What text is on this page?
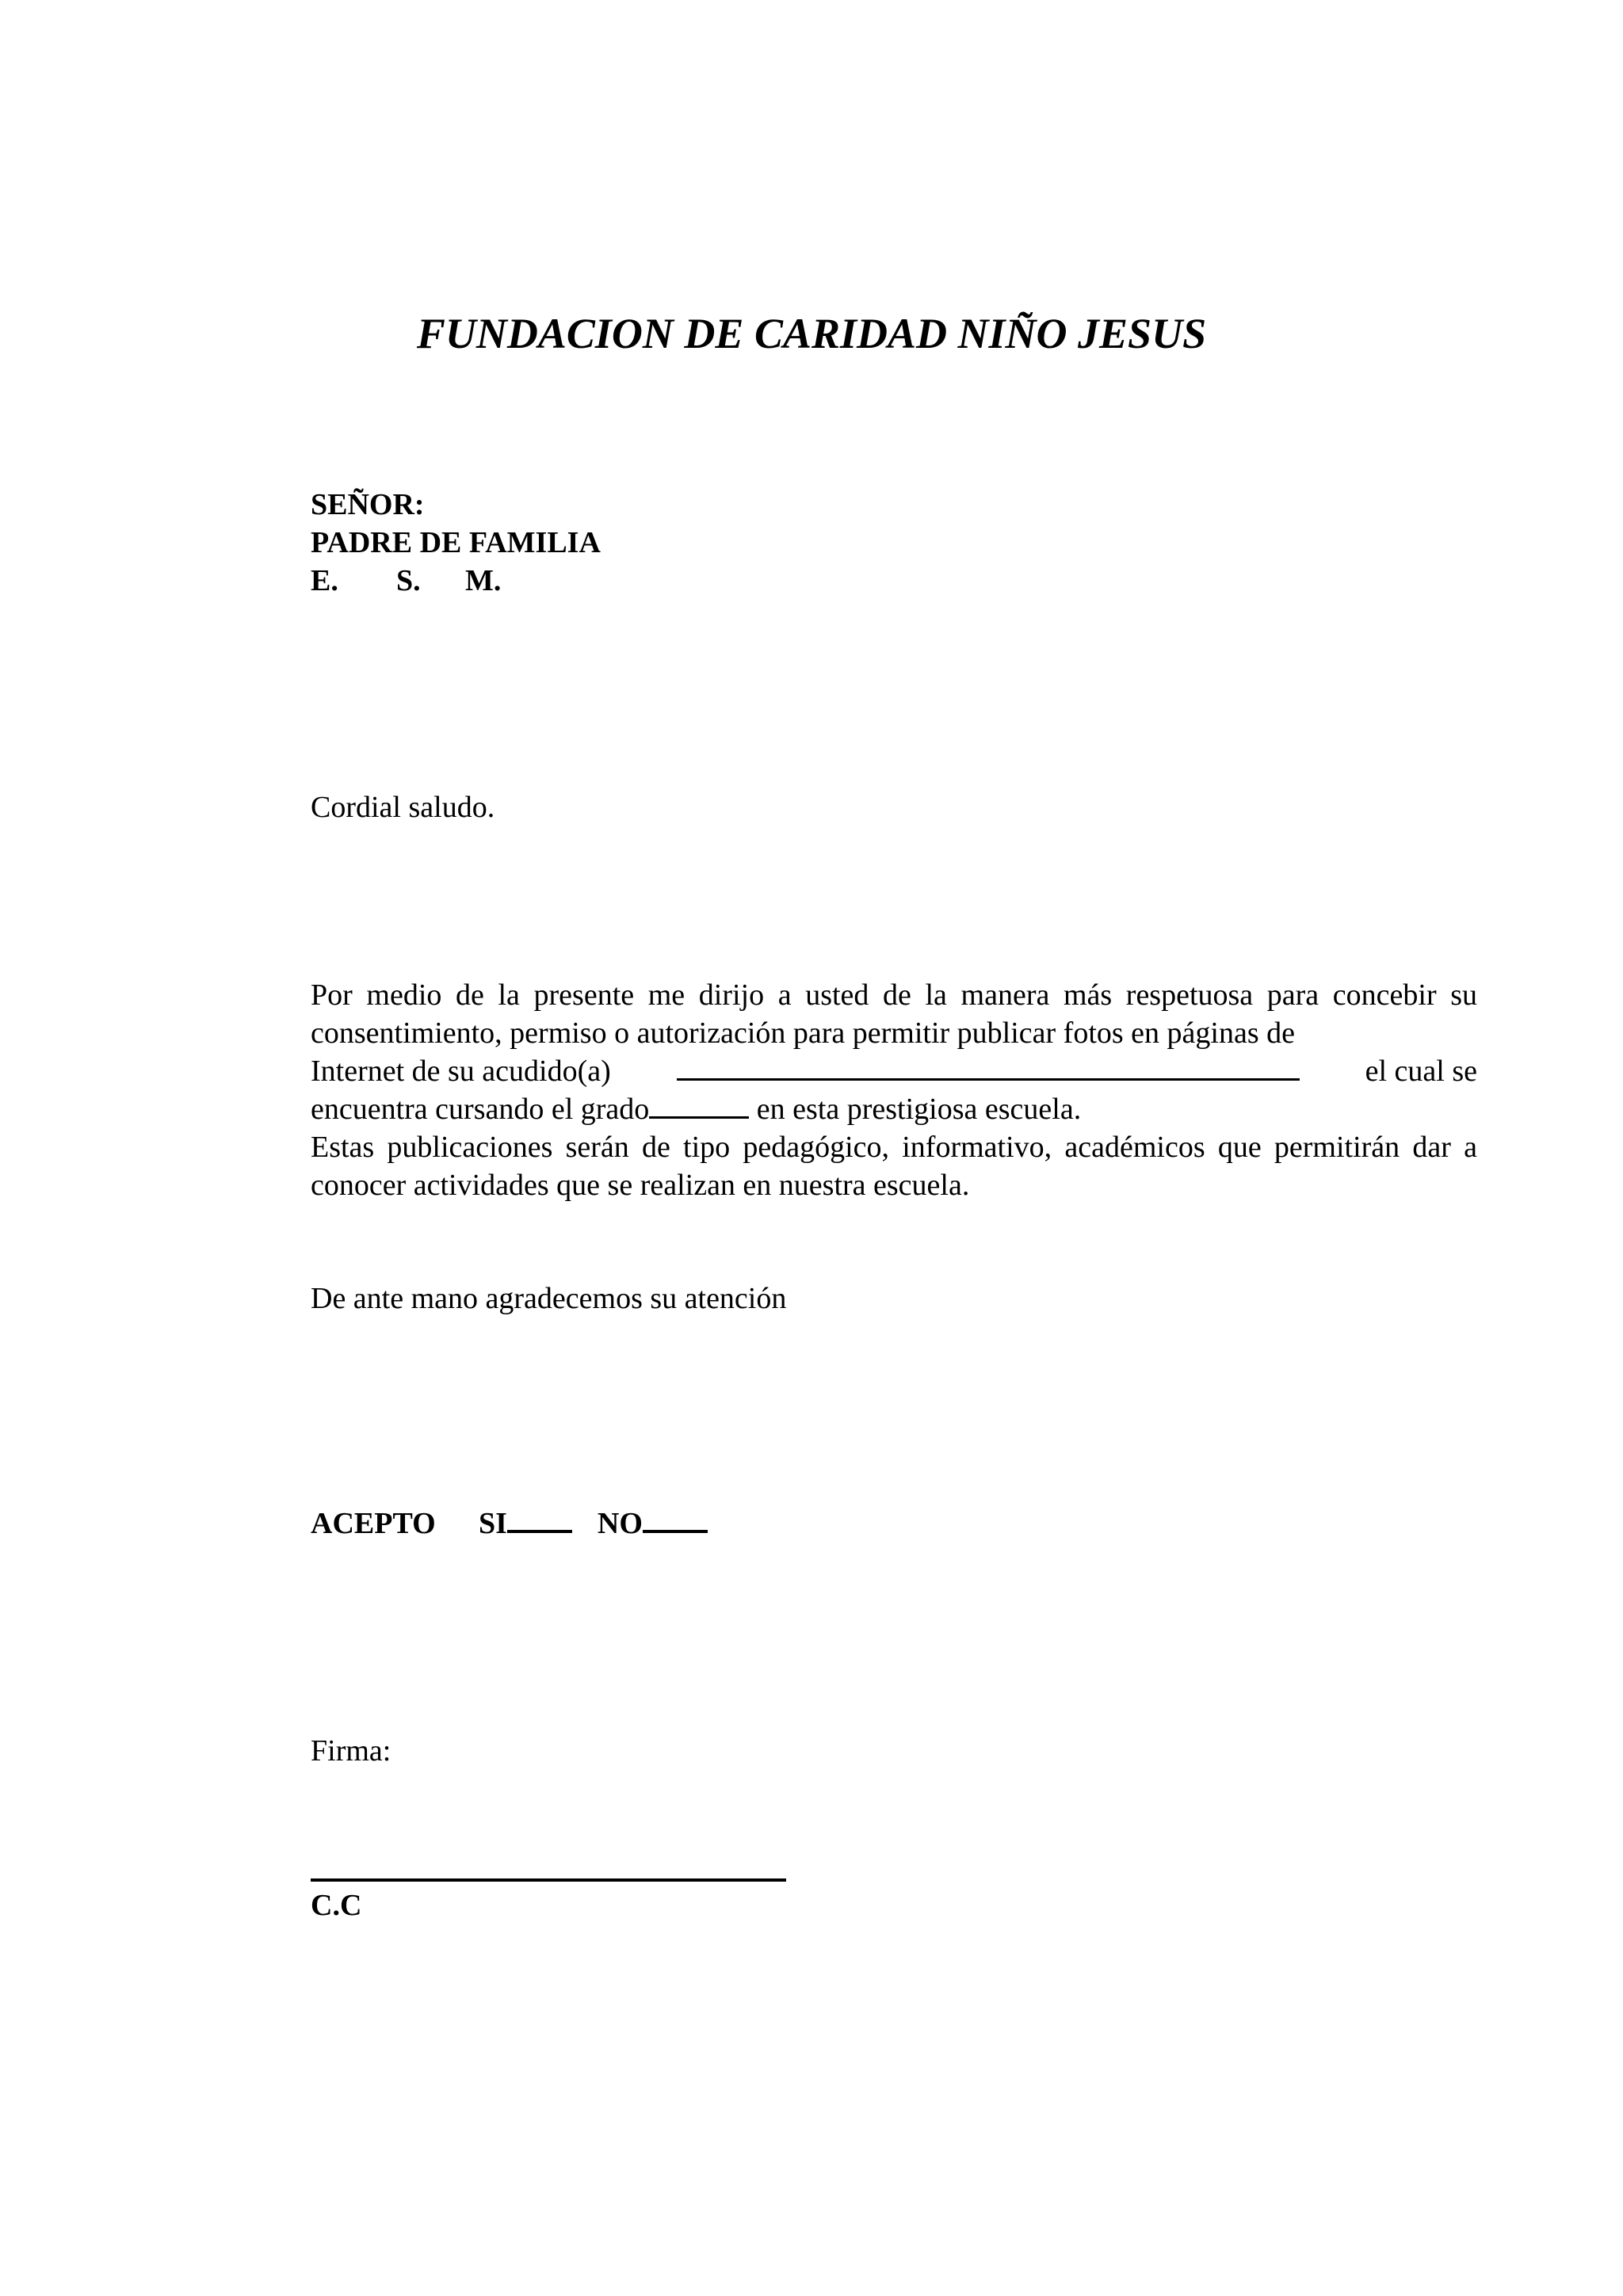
FUNDACION DE CARIDAD NIÑO JESUS
SEÑOR:
PADRE DE FAMILIA
E. S. M.
Cordial saludo.

Por medio de la presente me dirijo a usted de la manera más respetuosa para concebir su consentimiento, permiso o autorización para permitir publicar fotos en páginas de

Internet de su acudido(a)	el cual se
encuentra cursando el grado	en esta prestigiosa escuela.

Estas publicaciones serán de tipo pedagógico, informativo, académicos que permitirán dar a conocer actividades que se realizan en nuestra escuela.

De ante mano agradecemos su atención
ACEPTO SI	NO
Firma:
C.C
